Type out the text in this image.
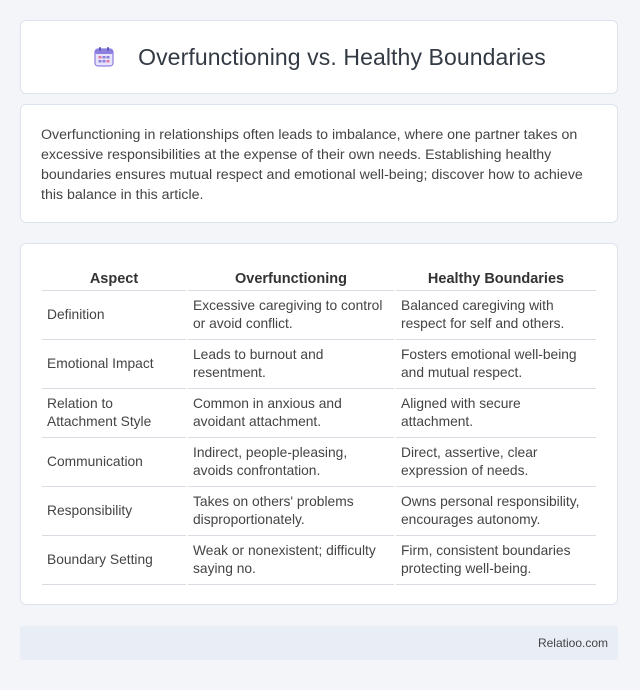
Overfunctioning vs. Healthy Boundaries

Overfunctioning in relationships often leads to imbalance, where one partner takes on excessive responsibilities at the expense of their own needs. Establishing healthy boundaries ensures mutual respect and emotional well-being; discover how to achieve this balance in this article.

Aspect	Overfunctioning	Healthy Boundaries
Definition	Excessive caregiving to control or avoid conflict.	Balanced caregiving with respect for self and others.
Emotional Impact	Leads to burnout and resentment.	Fosters emotional well-being and mutual respect.
Relation to Attachment Style	Common in anxious and avoidant attachment.	Aligned with secure attachment.
Communication	Indirect, people-pleasing, avoids confrontation.	Direct, assertive, clear expression of needs.
Responsibility	Takes on others' problems disproportionately.	Owns personal responsibility, encourages autonomy.
Boundary Setting	Weak or nonexistent; difficulty saying no.	Firm, consistent boundaries protecting well-being.
Relatioo.com
